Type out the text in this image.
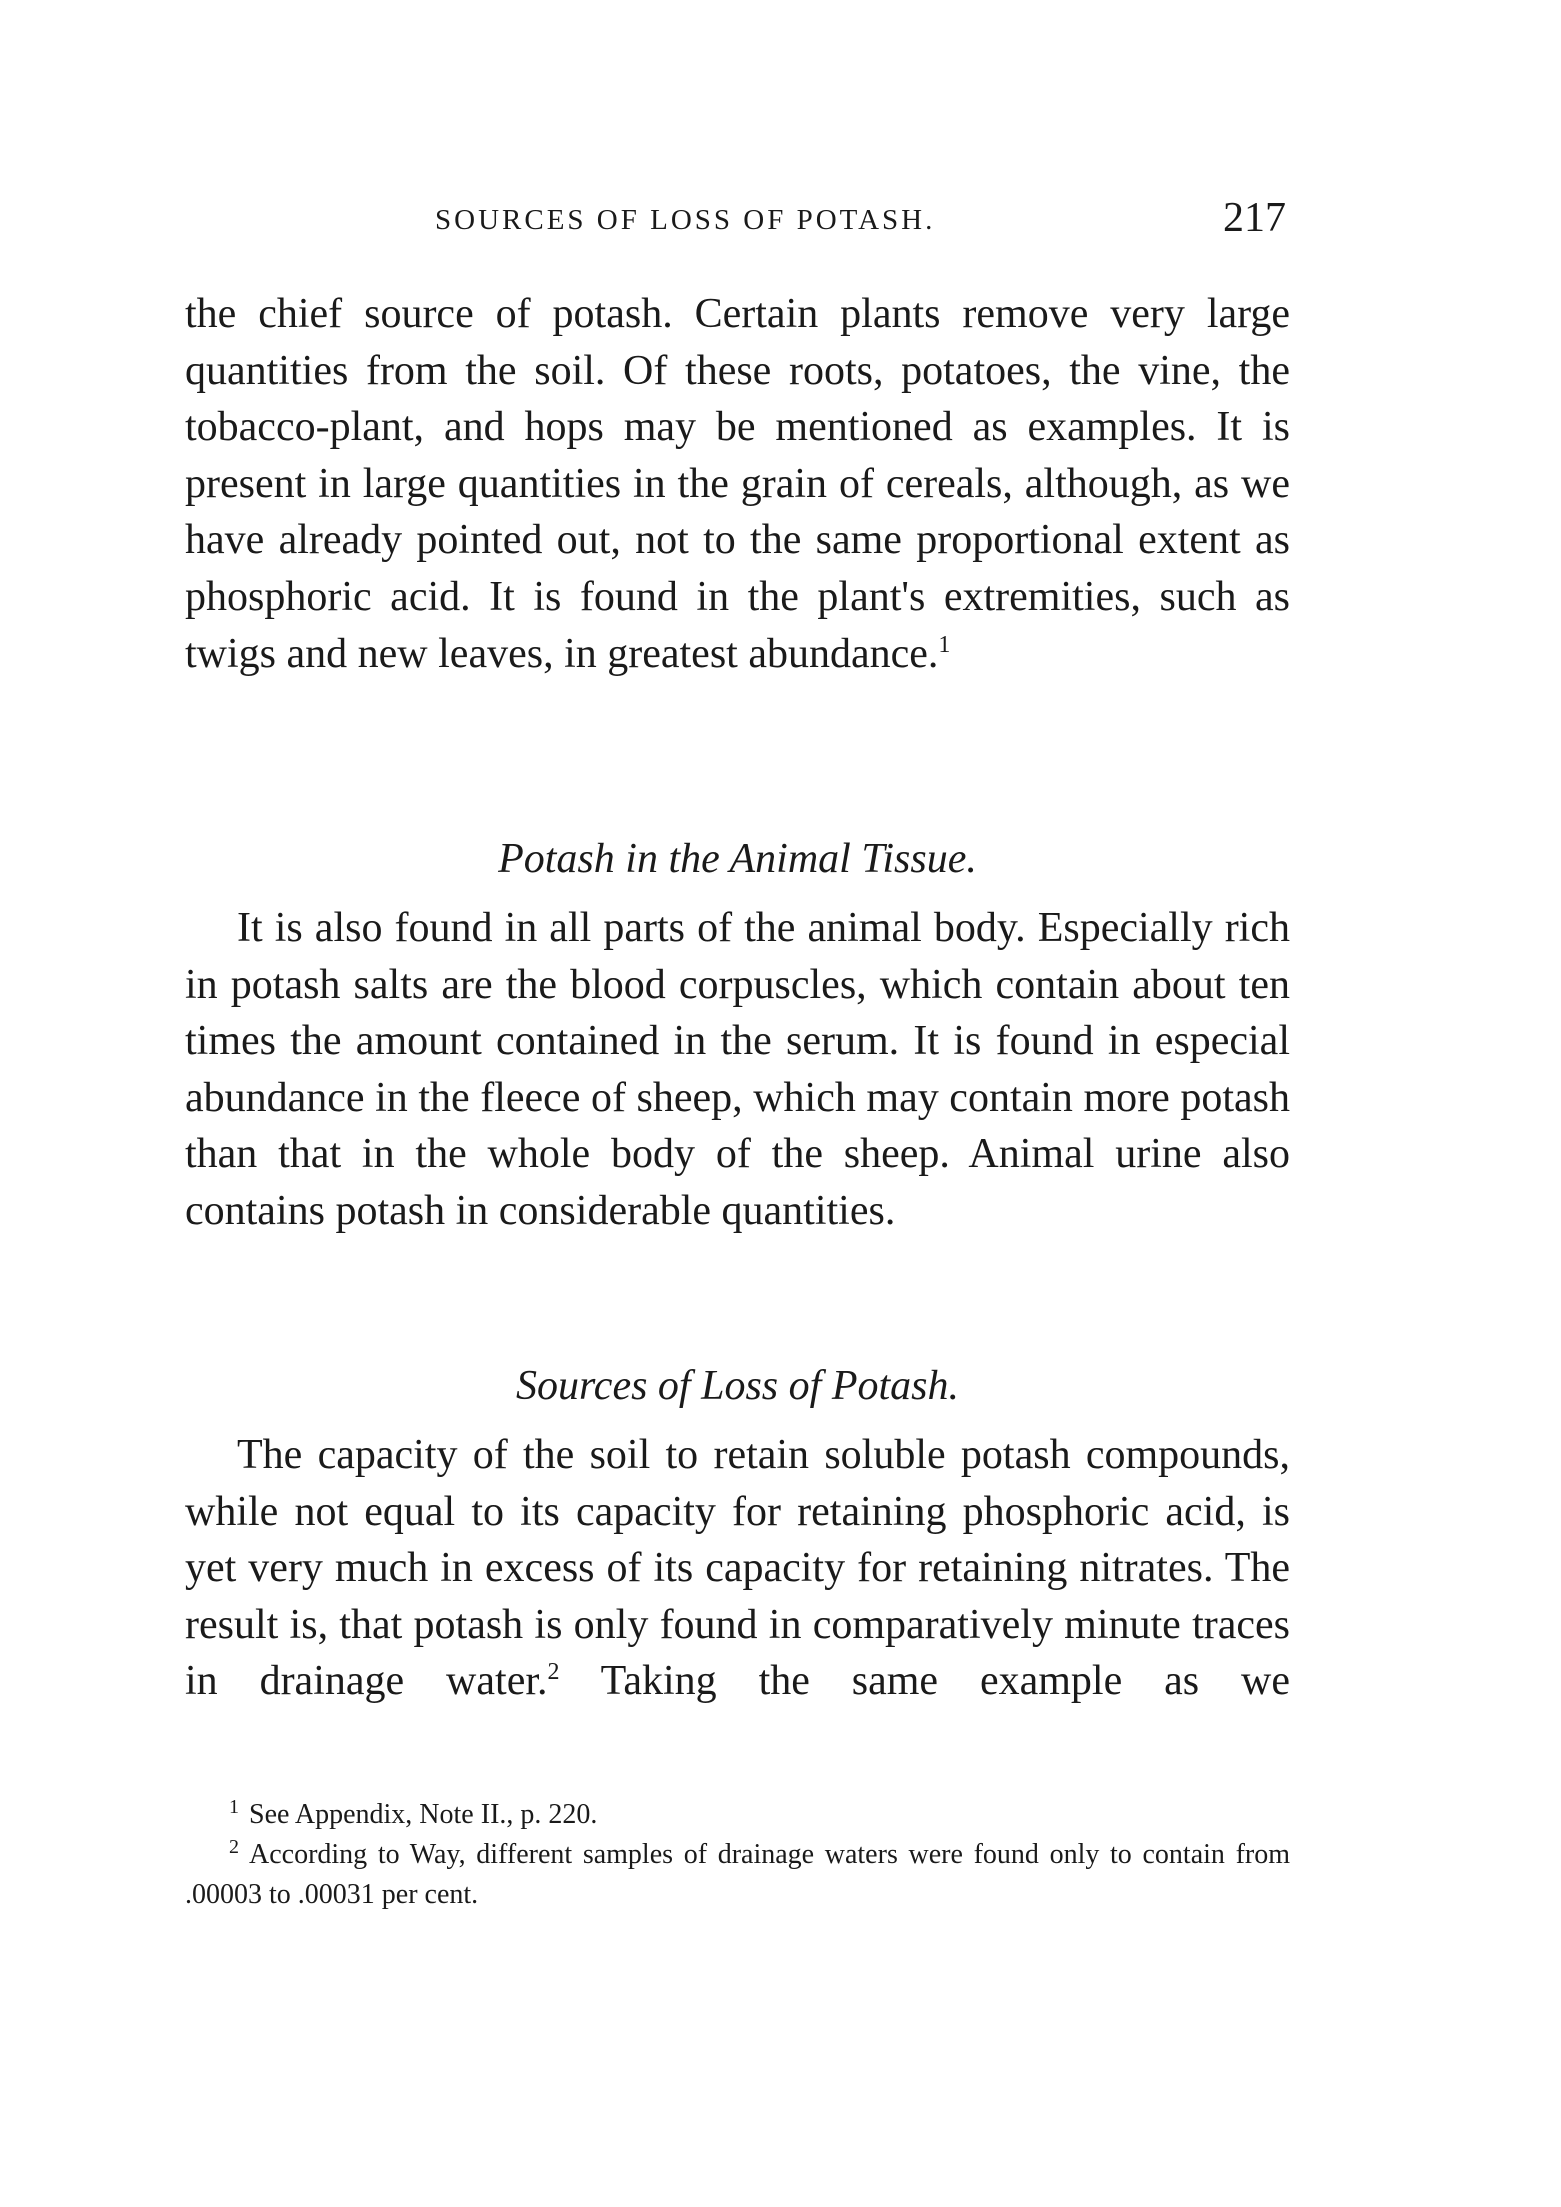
SOURCES OF LOSS OF POTASH.	217

the chief source of potash. Certain plants remove very large quantities from the soil. Of these roots, potatoes, the vine, the tobacco-plant, and hops may be mentioned as examples. It is present in large quantities in the grain of cereals, although, as we have already pointed out, not to the same proportional extent as phosphoric acid. It is found in the plant's extremities, such as twigs and new leaves, in greatest abundance.$^1$

Potash in the Animal Tissue.

It is also found in all parts of the animal body. Especially rich in potash salts are the blood corpuscles, which contain about ten times the amount contained in the serum. It is found in especial abundance in the fleece of sheep, which may contain more potash than that in the whole body of the sheep. Animal urine also contains potash in considerable quantities.

Sources of Loss of Potash.

The capacity of the soil to retain soluble potash compounds, while not equal to its capacity for retaining phosphoric acid, is yet very much in excess of its capacity for retaining nitrates. The result is, that potash is only found in comparatively minute traces in drainage water.$^2$ Taking the same example as we

$^1$ See Appendix, Note II., p. 220.

$^2$ According to Way, different samples of drainage waters were found only to contain from .00003 to .00031 per cent.
